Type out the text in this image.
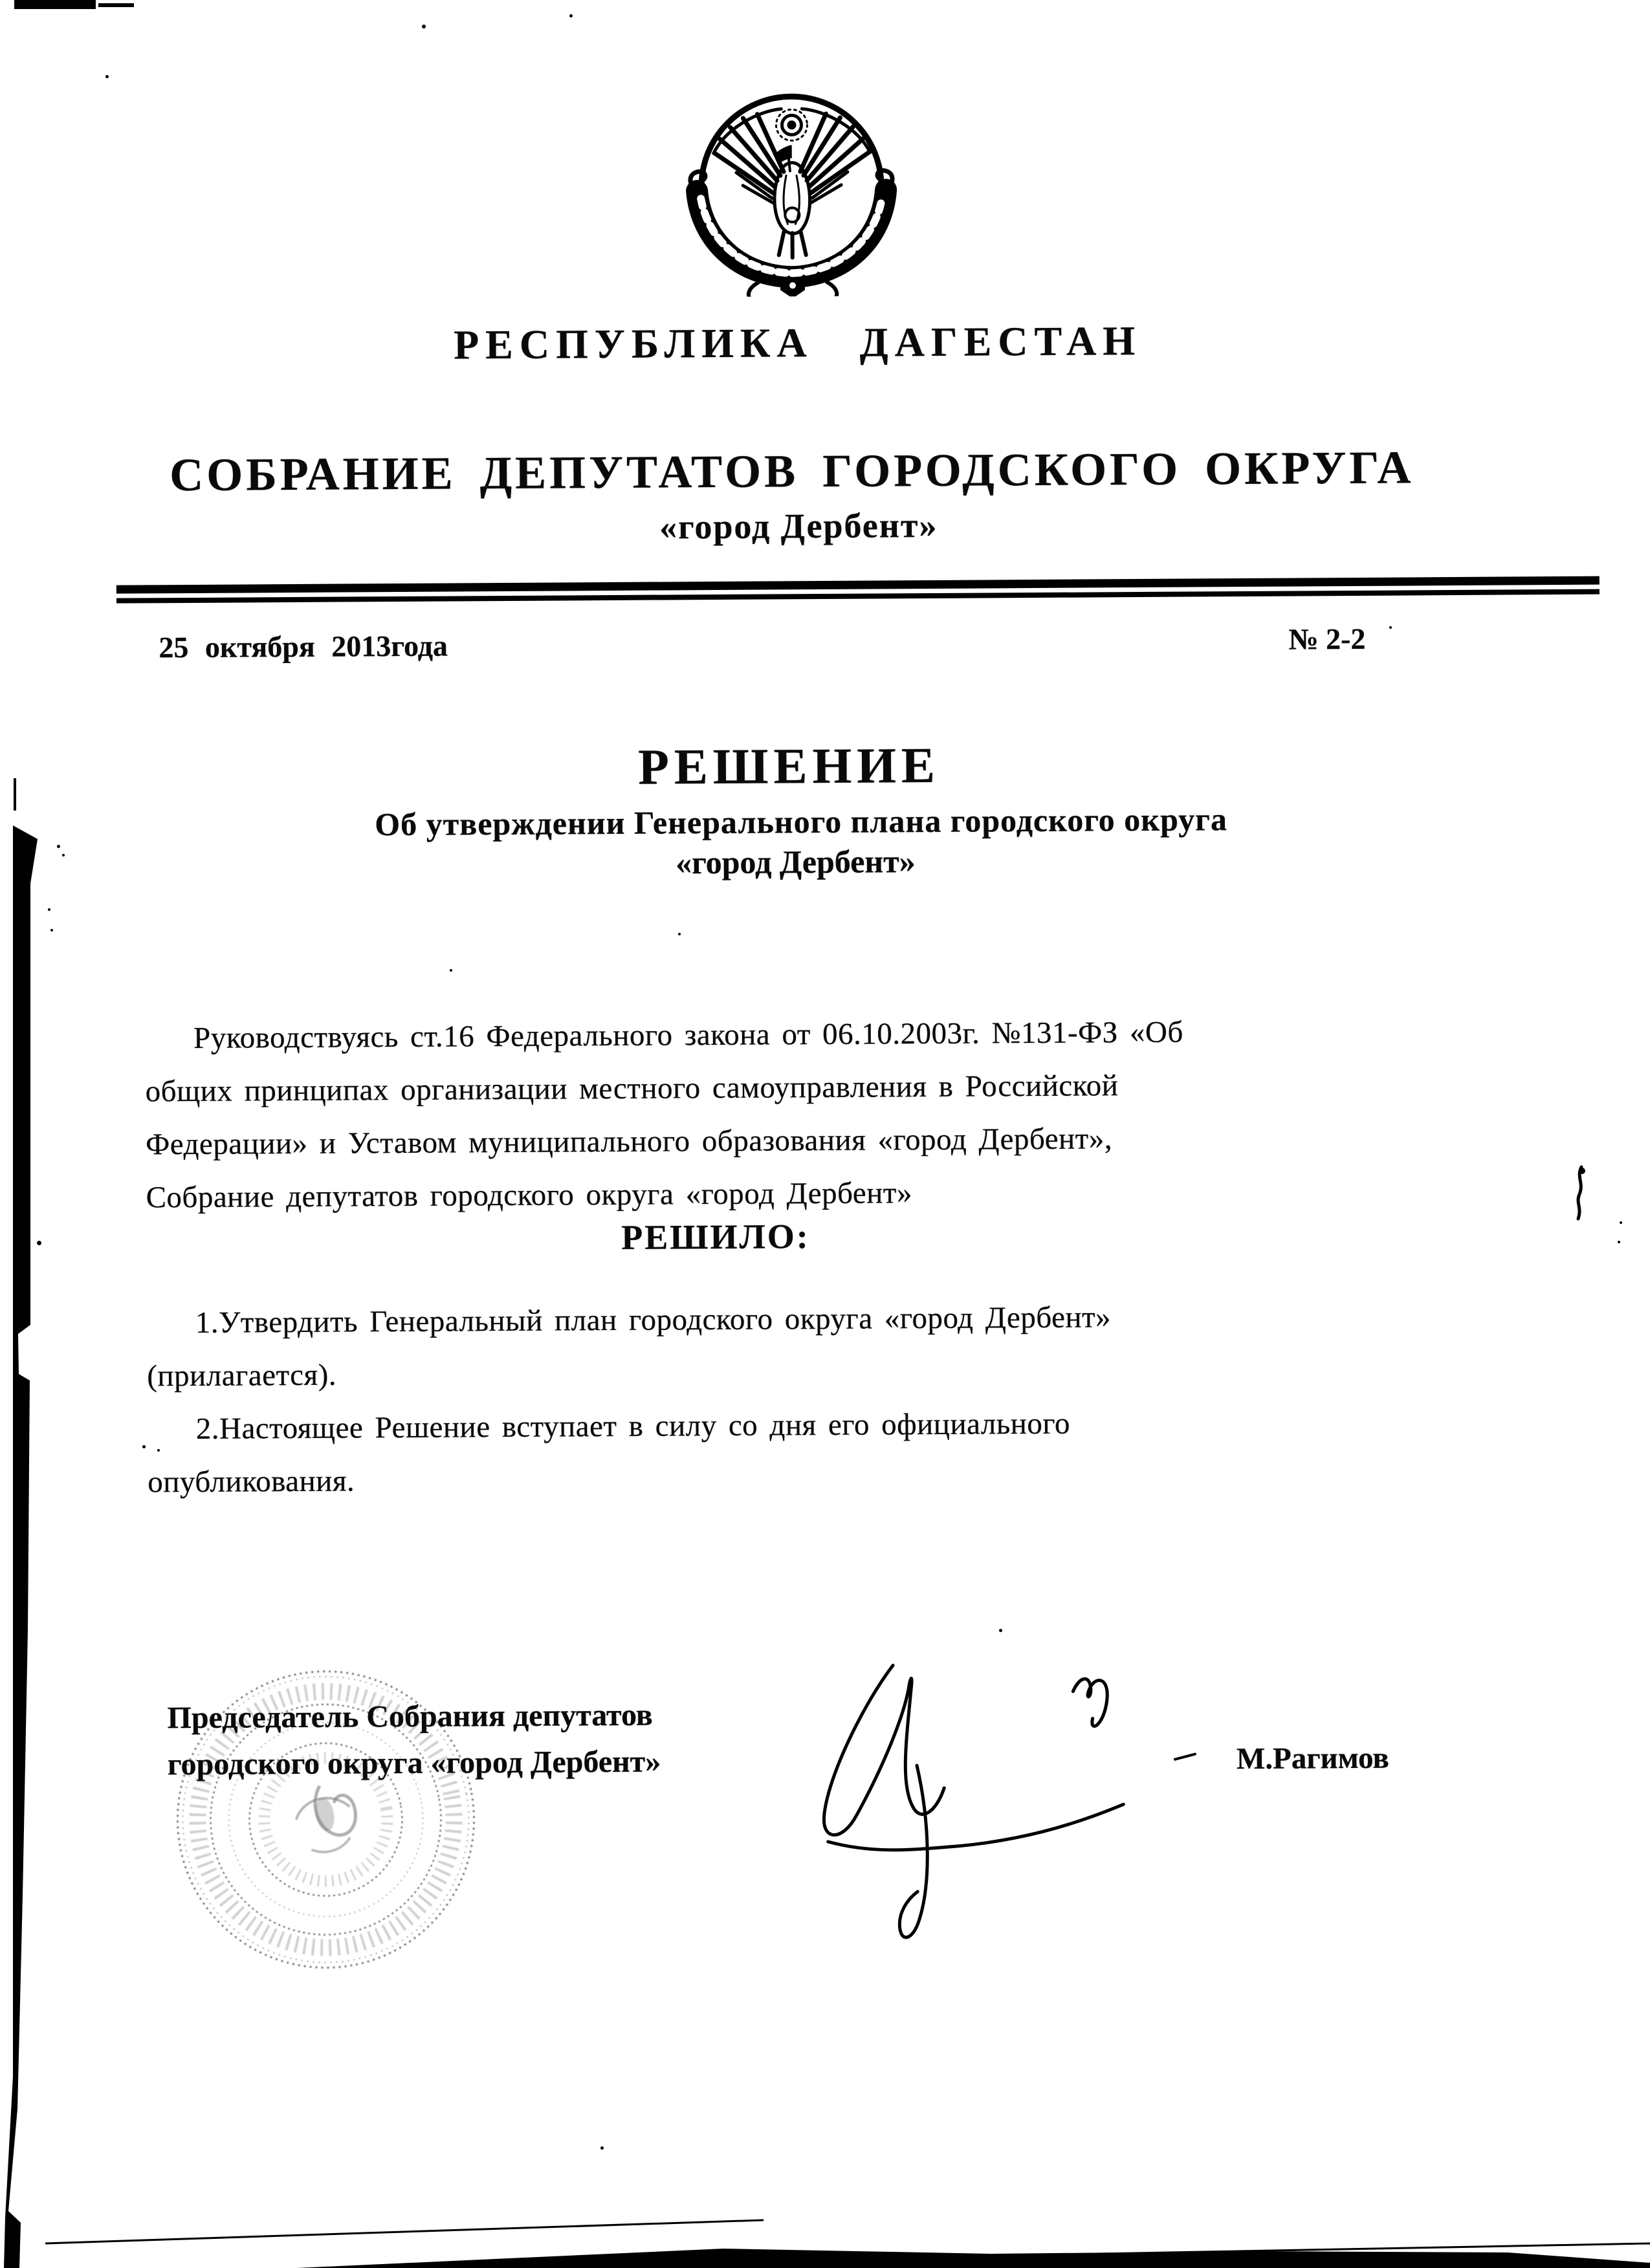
РЕСПУБЛИКА ДАГЕСТАН
СОБРАНИЕ ДЕПУТАТОВ ГОРОДСКОГО ОКРУГА
«город Дербент»
25 октября 2013года	№ 2-2
РЕШЕНИЕ
Об утверждении Генерального плана городского округа
«город Дербент»
Руководствуясь ст.16 Федерального закона от 06.10.2003г. №131-ФЗ «Об
общих принципах организации местного самоуправления в Российской
Федерации» и Уставом муниципального образования «город Дербент»,
Собрание депутатов городского округа «город Дербент»
РЕШИЛО:
1.Утвердить Генеральный план городского округа «город Дербент»
(прилагается).
2.Настоящее Решение вступает в силу со дня его официального
опубликования.
Председатель Собрания депутатов
городского округа «город Дербент»	М.Рагимов
